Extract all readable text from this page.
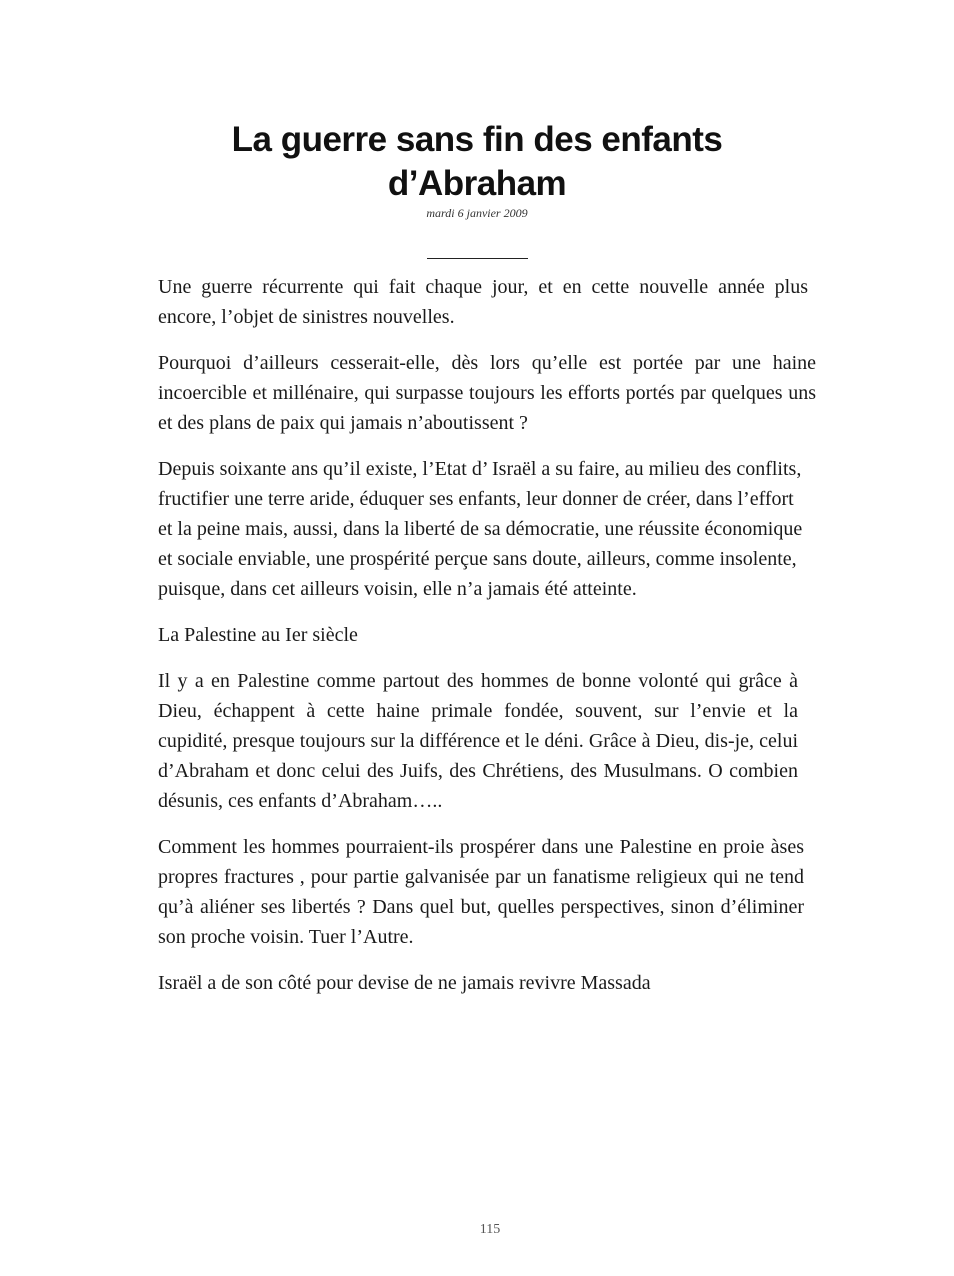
La guerre sans fin des enfants
d’Abraham
mardi 6 janvier 2009

Une guerre récurrente qui fait chaque jour, et en cette nouvelle année plus encore, l’objet de sinistres nouvelles.

Pourquoi d’ailleurs cesserait-elle, dès lors qu’elle est portée par une haine incoercible et millénaire, qui surpasse toujours les efforts portés par quelques uns et des plans de paix qui jamais n’aboutissent ?

Depuis soixante ans qu’il existe, l’Etat d’ Israël a su faire, au milieu des conflits, fructifier une terre aride, éduquer ses enfants, leur donner de créer, dans l’effort et la peine mais, aussi, dans la liberté de sa démocratie, une réussite économique et sociale enviable, une prospérité perçue sans doute, ailleurs, comme insolente, puisque, dans cet ailleurs voisin, elle n’a jamais été atteinte.

La Palestine au Ier siècle

Il y a en Palestine comme partout des hommes de bonne volonté qui grâce à Dieu, échappent à cette haine primale fondée, souvent, sur l’envie et la cupidité, presque toujours sur la différence et le déni. Grâce à Dieu, dis-je, celui d’Abraham et donc celui des Juifs, des Chrétiens, des Musulmans. O combien désunis, ces enfants d’Abraham…..

Comment les hommes pourraient-ils prospérer dans une Palestine en proie àses propres fractures , pour partie galvanisée par un fanatisme religieux qui ne tend qu’à aliéner ses libertés ? Dans quel but, quelles perspectives, sinon d’éliminer son proche voisin. Tuer l’Autre.

Israël a de son côté pour devise de ne jamais revivre Massada

115
